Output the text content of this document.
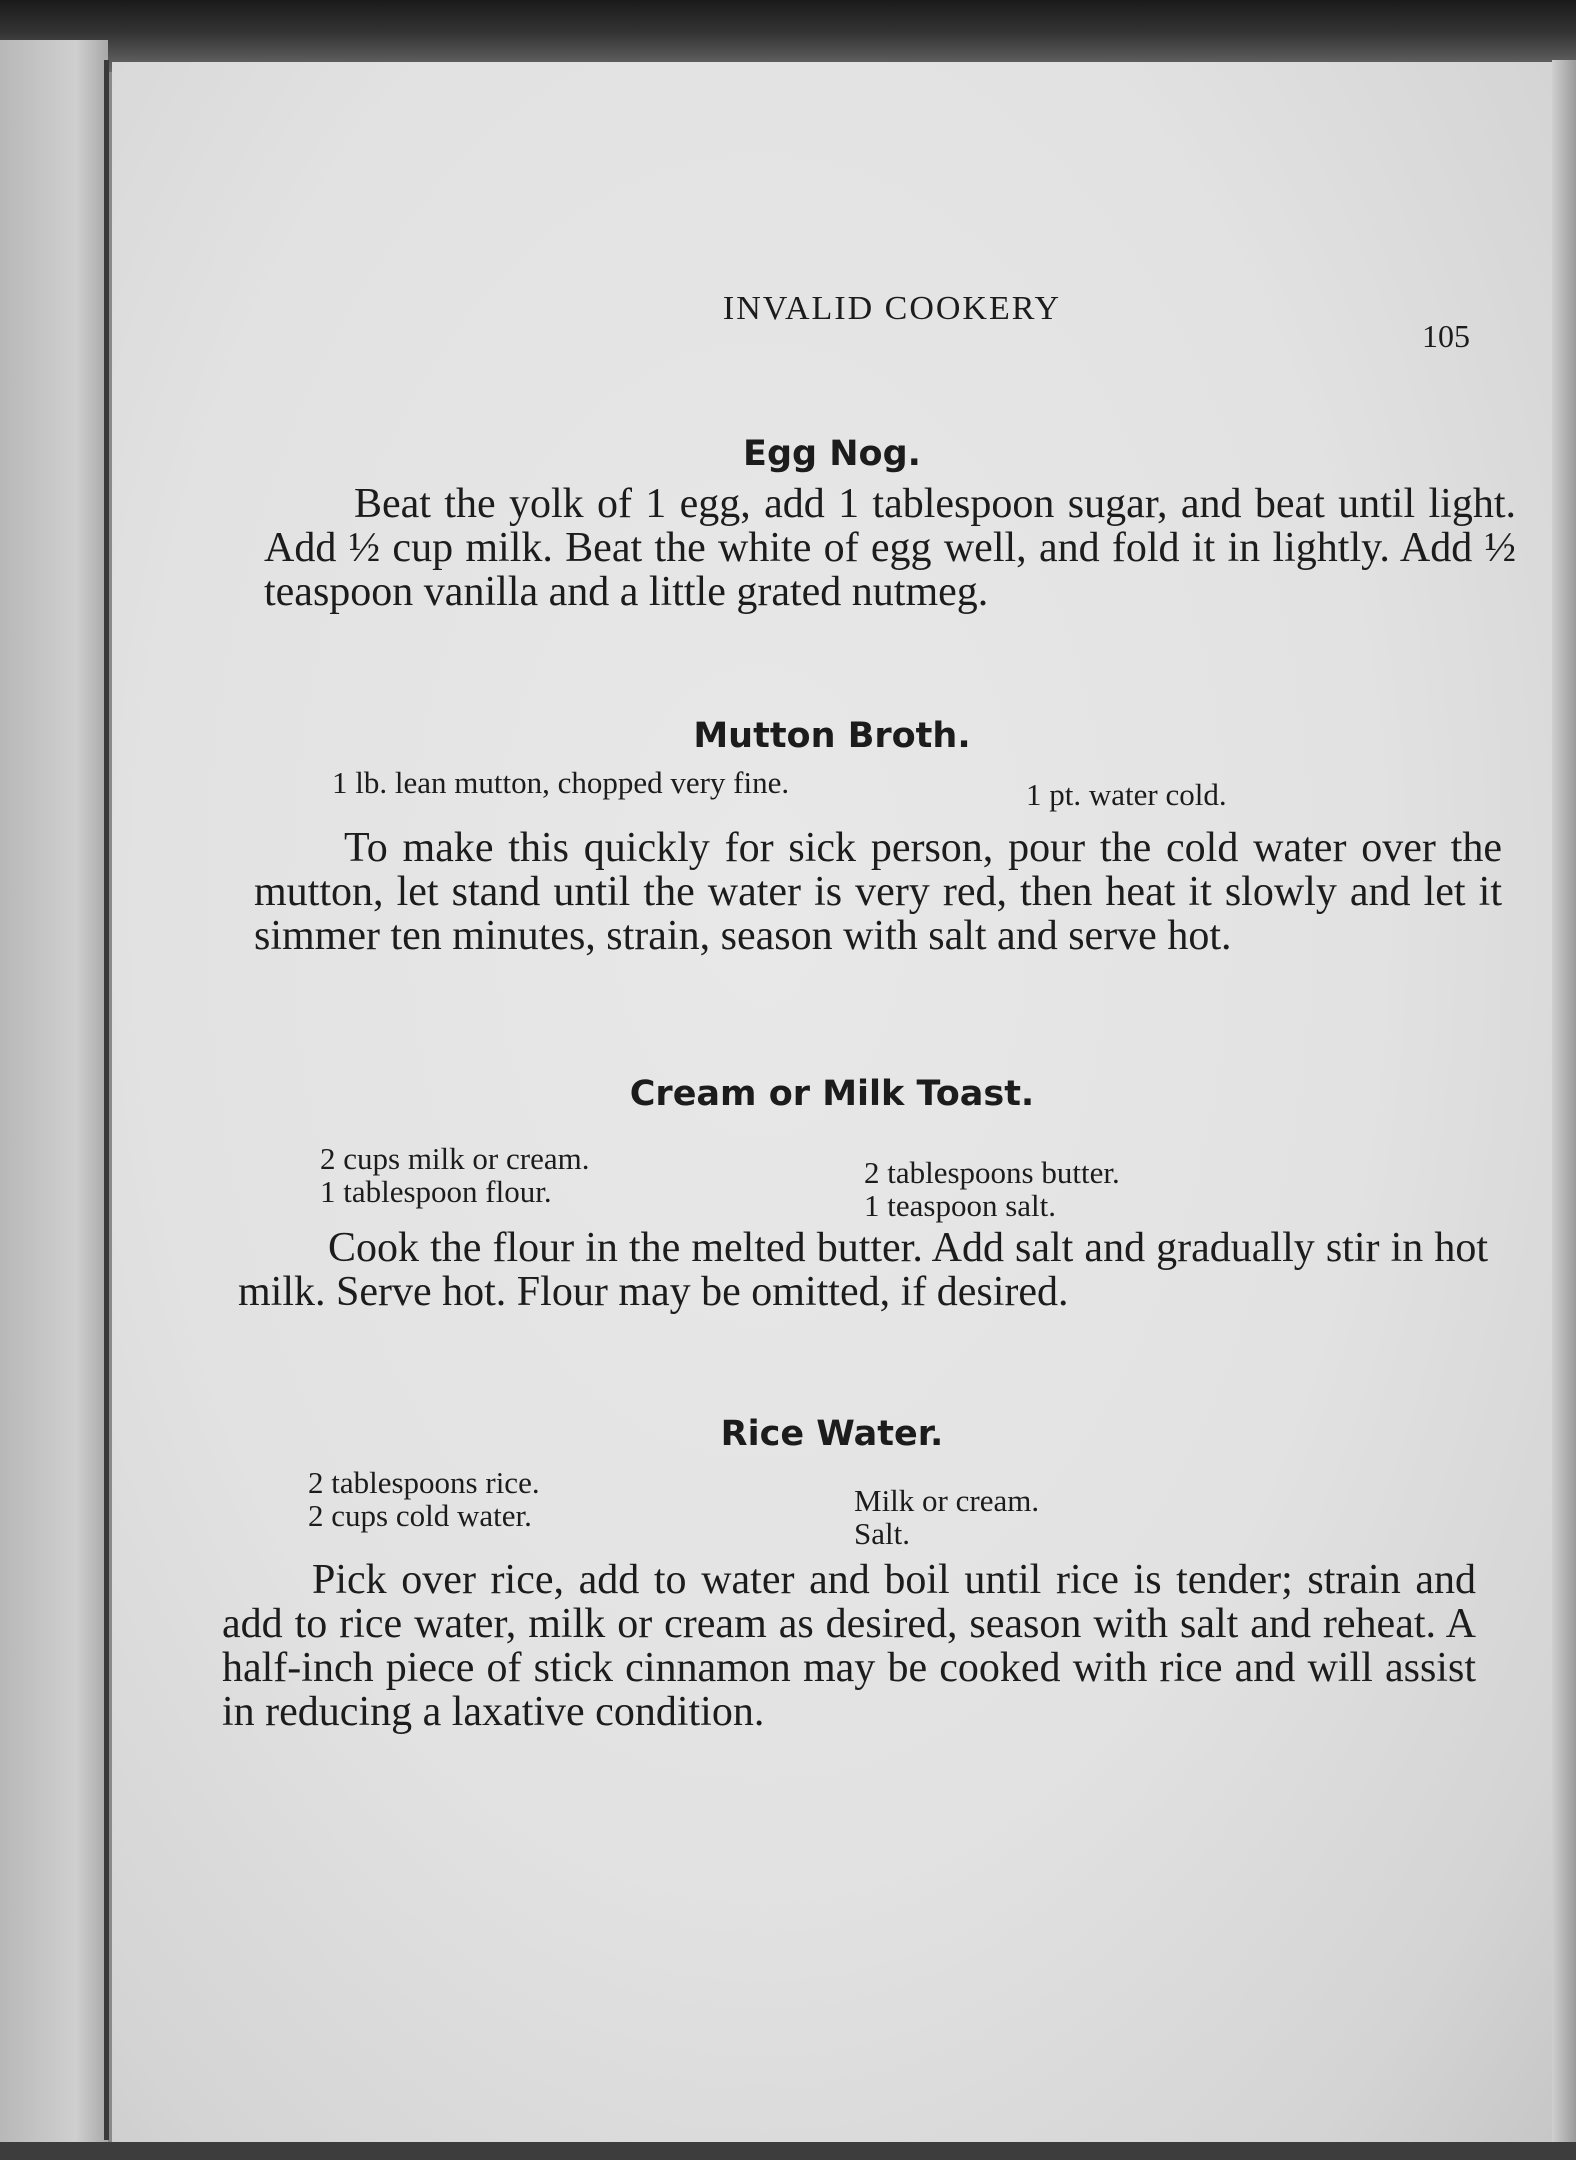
INVALID COOKERY
105
Egg Nog.

Beat the yolk of 1 egg, add 1 tablespoon sugar, and beat until light. Add ½ cup milk. Beat the white of egg well, and fold it in lightly. Add ½ teaspoon vanilla and a little grated nutmeg.

Mutton Broth.
1 lb. lean mutton, chopped very fine.	1 pt. water cold.

To make this quickly for sick person, pour the cold water over the mutton, let stand until the water is very red, then heat it slowly and let it simmer ten minutes, strain, season with salt and serve hot.

Cream or Milk Toast.
2 cups milk or cream.
1 tablespoon flour.
2 tablespoons butter.
1 teaspoon salt.

Cook the flour in the melted butter. Add salt and gradually stir in hot milk. Serve hot. Flour may be omitted, if desired.

Rice Water.
2 tablespoons rice.
2 cups cold water.	Milk or cream.
Salt.

Pick over rice, add to water and boil until rice is tender; strain and add to rice water, milk or cream as desired, season with salt and reheat. A half-inch piece of stick cinnamon may be cooked with rice and will assist in reducing a laxative condition.
